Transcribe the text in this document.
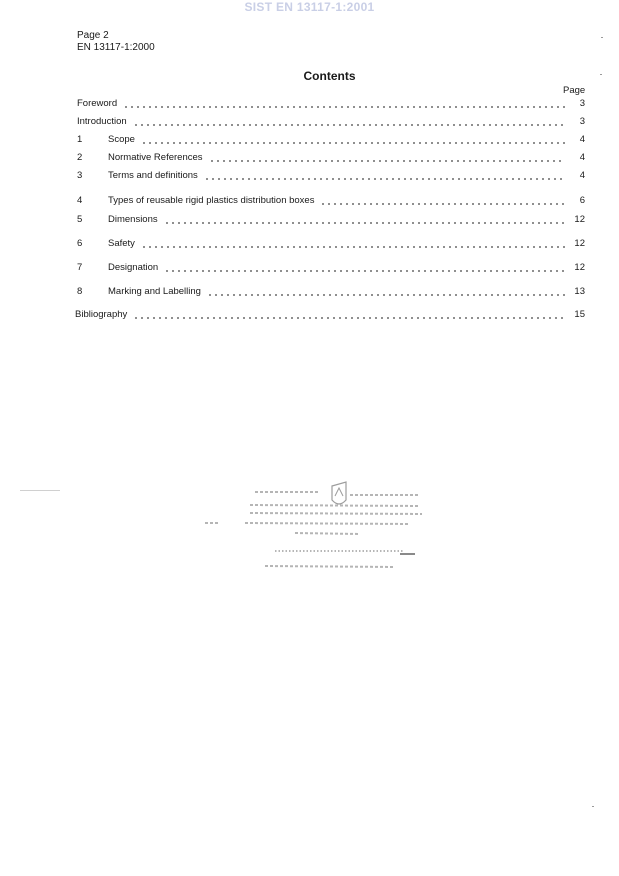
SIST EN 13117-1:2001
Page 2
EN 13117-1:2000
Contents
Page
Foreword	3
Introduction	3
1	Scope	4
2	Normative References	4
3	Terms and definitions	4
4	Types of reusable rigid plastics distribution boxes	6
5	Dimensions	12
6	Safety	12
7	Designation	12
8	Marking and Labelling	13
Bibliography	15
